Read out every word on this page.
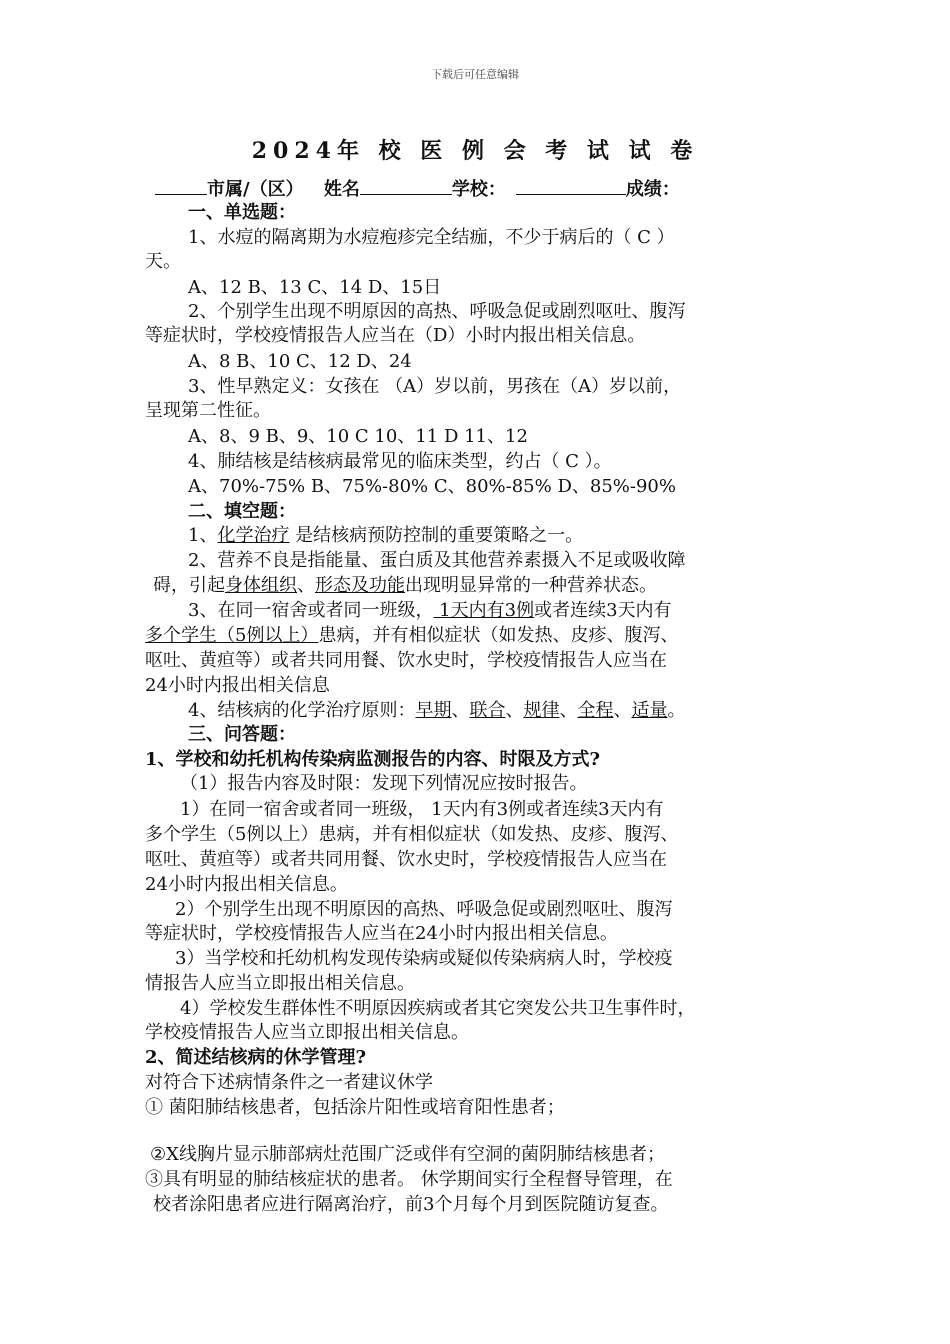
下载后可任意编辑
2024年 校 医 例 会 考 试 试 卷
市属/（区） 姓名	学校：	成绩：
一、单选题：
1、水痘的隔离期为水痘疱疹完全结痂，不少于病后的（ C ）
天。
A、12 B、13 C、14 D、15日
2、个别学生出现不明原因的高热、呼吸急促或剧烈呕吐、腹泻
等症状时，学校疫情报告人应当在（D）小时内报出相关信息。
A、8 B、10 C、12 D、24
3、性早熟定义：女孩在 （A）岁以前，男孩在（A）岁以前，
呈现第二性征。
A、8、9 B、9、10 C 10、11 D 11、12
4、肺结核是结核病最常见的临床类型，约占（ C ）。
A、70%-75% B、75%-80% C、80%-85% D、85%-90%
二、填空题：
1、化学治疗 是结核病预防控制的重要策略之一。
2、营养不良是指能量、蛋白质及其他营养素摄入不足或吸收障
碍，引起身体组织、形态及功能出现明显异常的一种营养状态。
3、在同一宿舍或者同一班级， 1天内有3例或者连续3天内有
多个学生（5例以上）患病，并有相似症状（如发热、皮疹、腹泻、
呕吐、黄疸等）或者共同用餐、饮水史时，学校疫情报告人应当在
24小时内报出相关信息
4、结核病的化学治疗原则：早期、联合、规律、全程、适量。
三、问答题：
1、学校和幼托机构传染病监测报告的内容、时限及方式?
（1）报告内容及时限：发现下列情况应按时报告。
1）在同一宿舍或者同一班级， 1天内有3例或者连续3天内有
多个学生（5例以上）患病，并有相似症状（如发热、皮疹、腹泻、
呕吐、黄疸等）或者共同用餐、饮水史时，学校疫情报告人应当在
24小时内报出相关信息。
2）个别学生出现不明原因的高热、呼吸急促或剧烈呕吐、腹泻
等症状时，学校疫情报告人应当在24小时内报出相关信息。
3）当学校和托幼机构发现传染病或疑似传染病病人时，学校疫
情报告人应当立即报出相关信息。
4）学校发生群体性不明原因疾病或者其它突发公共卫生事件时，
学校疫情报告人应当立即报出相关信息。
2、简述结核病的休学管理?
对符合下述病情条件之一者建议休学
① 菌阳肺结核患者，包括涂片阳性或培育阳性患者；
②X线胸片显示肺部病灶范围广泛或伴有空洞的菌阴肺结核患者；
③具有明显的肺结核症状的患者。 休学期间实行全程督导管理，在
校者涂阳患者应进行隔离治疗，前3个月每个月到医院随访复查。
